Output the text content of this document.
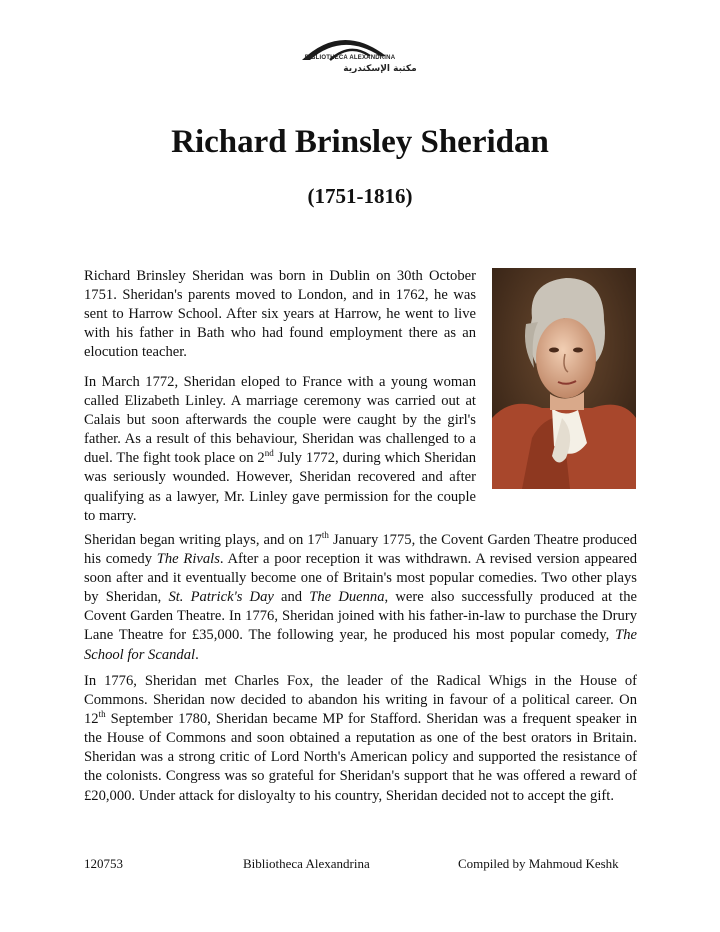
BIBLIOTHECA ALEXANDRINA
مكتبة الإسكندرية
Richard Brinsley Sheridan
(1751-1816)

Richard Brinsley Sheridan was born in Dublin on 30th October 1751. Sheridan's parents moved to London, and in 1762, he was sent to Harrow School. After six years at Harrow, he went to live with his father in Bath who had found employment there as an elocution teacher.

In March 1772, Sheridan eloped to France with a young woman called Elizabeth Linley. A marriage ceremony was carried out at Calais but soon afterwards the couple were caught by the girl's father. As a result of this behaviour, Sheridan was challenged to a duel. The fight took place on 2nd July 1772, during which Sheridan was seriously wounded. However, Sheridan recovered and after qualifying as a lawyer, Mr. Linley gave permission for the couple to marry.

Sheridan began writing plays, and on 17th January 1775, the Covent Garden Theatre produced his comedy The Rivals. After a poor reception it was withdrawn. A revised version appeared soon after and it eventually become one of Britain's most popular comedies. Two other plays by Sheridan, St. Patrick's Day and The Duenna, were also successfully produced at the Covent Garden Theatre. In 1776, Sheridan joined with his father-in-law to purchase the Drury Lane Theatre for £35,000. The following year, he produced his most popular comedy, The School for Scandal.

In 1776, Sheridan met Charles Fox, the leader of the Radical Whigs in the House of Commons. Sheridan now decided to abandon his writing in favour of a political career. On 12th September 1780, Sheridan became MP for Stafford. Sheridan was a frequent speaker in the House of Commons and soon obtained a reputation as one of the best orators in Britain. Sheridan was a strong critic of Lord North's American policy and supported the resistance of the colonists. Congress was so grateful for Sheridan's support that he was offered a reward of £20,000. Under attack for disloyalty to his country, Sheridan decided not to accept the gift.

120753	Bibliotheca Alexandrina	Compiled by Mahmoud Keshk
